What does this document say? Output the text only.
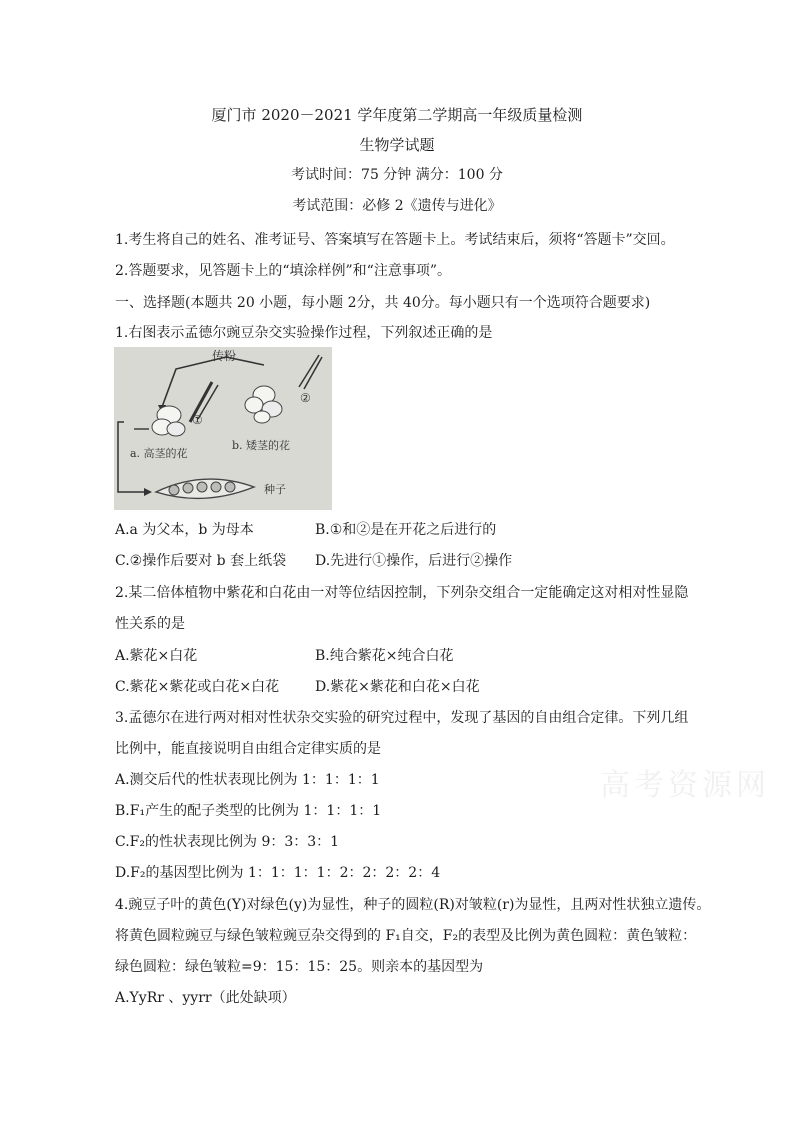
厦门市 2020－2021 学年度第二学期高一年级质量检测
生物学试题
考试时间：75 分钟 满分：100 分
考试范围：必修 2《遗传与进化》
1.考生将自己的姓名、准考证号、答案填写在答题卡上。考试结束后，须将“答题卡”交回。
2.答题要求，见答题卡上的“填涂样例”和“注意事项”。
一、选择题(本题共 20 小题，每小题 2分，共 40分。每小题只有一个选项符合题要求)
1.右图表示孟德尔豌豆杂交实验操作过程，下列叙述正确的是
传粉
①
②
a. 高茎的花
b. 矮茎的花
种子
A.a 为父本，b 为母本	B.①和②是在开花之后进行的
C.②操作后要对 b 套上纸袋 D.先进行①操作，后进行②操作
2.某二倍体植物中紫花和白花由一对等位结因控制，下列杂交组合一定能确定这对相对性显隐
性关系的是
A.紫花×白花	B.纯合紫花×纯合白花
C.紫花×紫花或白花×白花	D.紫花×紫花和白花×白花
3.孟德尔在进行两对相对性状杂交实验的研究过程中，发现了基因的自由组合定律。下列几组
比例中，能直接说明自由组合定律实质的是
A.测交后代的性状表现比例为 1：1：1：1
B.F₁产生的配子类型的比例为 1：1：1：1
C.F₂的性状表现比例为 9：3：3：1
D.F₂的基因型比例为 1：1：1：1：2：2：2：2：4
4.豌豆子叶的黄色(Y)对绿色(y)为显性，种子的圆粒(R)对皱粒(r)为显性，且两对性状独立遗传。
将黄色圆粒豌豆与绿色皱粒豌豆杂交得到的 F₁自交，F₂的表型及比例为黄色圆粒：黄色皱粒：
绿色圆粒：绿色皱粒=9：15：15：25。则亲本的基因型为
A.YyRr 、yyrr（此处缺项）
高考资源网
